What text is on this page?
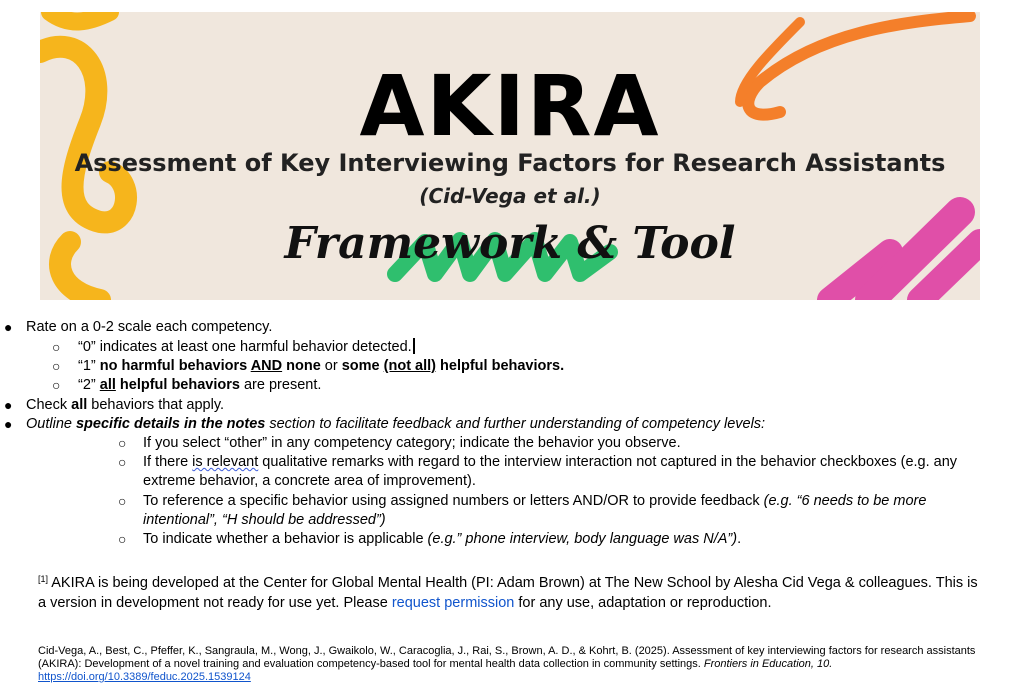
AKIRA
Assessment of Key Interviewing Factors for Research Assistants
(Cid-Vega et al.)
Framework & Tool
● Rate on a 0-2 scale each competency.
○ “0” indicates at least one harmful behavior detected.
○ “1” no harmful behaviors AND none or some (not all) helpful behaviors.
○ “2” all helpful behaviors are present.
● Check all behaviors that apply.
● Outline specific details in the notes section to facilitate feedback and further understanding of competency levels:
○ If you select “other” in any competency category; indicate the behavior you observe.
○ If there is relevant qualitative remarks with regard to the interview interaction not captured in the behavior checkboxes (e.g. any extreme behavior, a concrete area of improvement).
○ To reference a specific behavior using assigned numbers or letters AND/OR to provide feedback (e.g. “6 needs to be more intentional”, “H should be addressed”)
○ To indicate whether a behavior is applicable (e.g.” phone interview, body language was N/A”).
[1] AKIRA is being developed at the Center for Global Mental Health (PI: Adam Brown) at The New School by Alesha Cid Vega & colleagues. This is a version in development not ready for use yet. Please request permission for any use, adaptation or reproduction.
Cid-Vega, A., Best, C., Pfeffer, K., Sangraula, M., Wong, J., Gwaikolo, W., Caracoglia, J., Rai, S., Brown, A. D., & Kohrt, B. (2025). Assessment of key interviewing factors for research assistants (AKIRA): Development of a novel training and evaluation competency-based tool for mental health data collection in community settings. Frontiers in Education, 10.
https://doi.org/10.3389/feduc.2025.1539124
